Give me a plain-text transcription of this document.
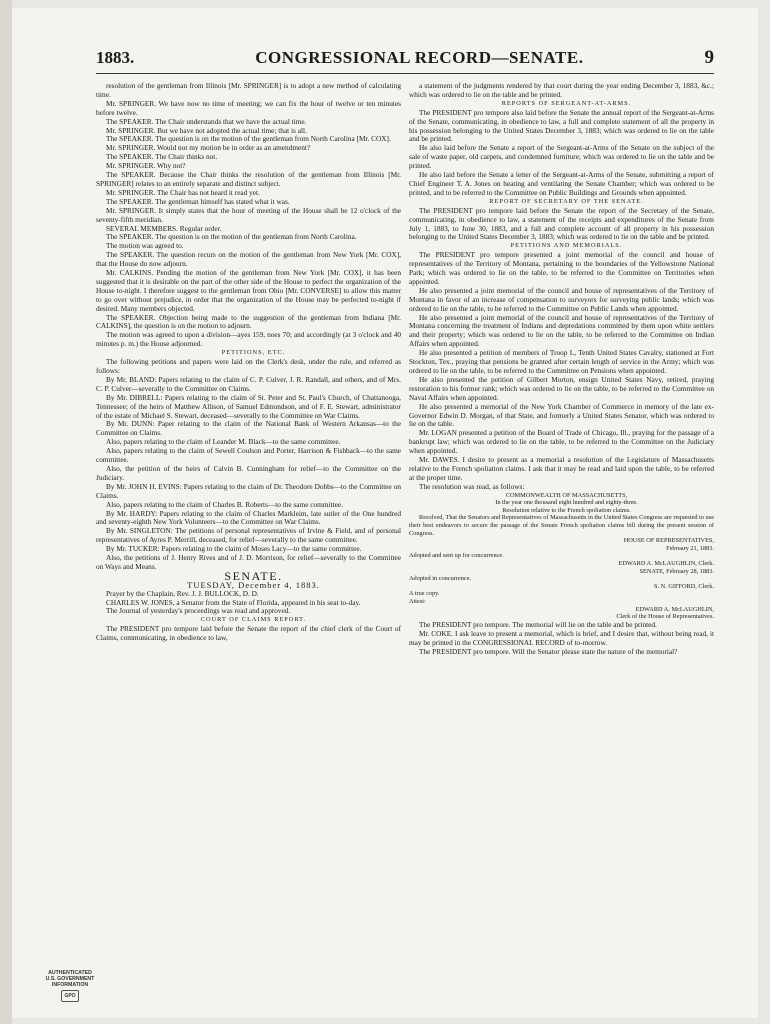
1883.	CONGRESSIONAL RECORD—SENATE.	9

resolution of the gentleman from Illinois [Mr. SPRINGER] is to adopt a new method of calculating time.

Mr. SPRINGER. We have now no time of meeting; we can fix the hour of twelve or ten minutes before twelve.

The SPEAKER. The Chair understands that we have the actual time.

Mr. SPRINGER. But we have not adopted the actual time; that is all.

The SPEAKER. The question is on the motion of the gentleman from North Carolina [Mr. COX].

Mr. SPRINGER. Would not my motion be in order as an amendment?

The SPEAKER. The Chair thinks not.

Mr. SPRINGER. Why not?

The SPEAKER. Because the Chair thinks the resolution of the gentleman from Illinois [Mr. SPRINGER] relates to an entirely separate and distinct subject.

Mr. SPRINGER. The Chair has not heard it read yet.

The SPEAKER. The gentleman himself has stated what it was.

Mr. SPRINGER. It simply states that the hour of meeting of the House shall be 12 o'clock of the seventy-fifth meridian.

SEVERAL MEMBERS. Regular order.

The SPEAKER. The question is on the motion of the gentleman from North Carolina.

The motion was agreed to.

The SPEAKER. The question recurs on the motion of the gentleman from New York [Mr. COX], that the House do now adjourn.

Mr. CALKINS. Pending the motion of the gentleman from New York [Mr. COX], it has been suggested that it is desirable on the part of the other side of the House to perfect the organization of the House to-night. I therefore suggest to the gentleman from Ohio [Mr. CONVERSE] to allow this matter to go over without prejudice, in order that the organization of the House may be perfected to-night if desired. Many members objected.

The SPEAKER. Objection being made to the suggestion of the gentleman from Indiana [Mr. CALKINS], the question is on the motion to adjourn.

The motion was agreed to upon a division—ayes 159, noes 70; and accordingly (at 3 o'clock and 40 minutes p. m.) the House adjourned.

PETITIONS, ETC.

The following petitions and papers were laid on the Clerk's desk, under the rule, and referred as follows:

By Mr. BLAND: Papers relating to the claim of C. P. Culver, J. R. Randall, and others, and of Mrs. C. P. Culver—severally to the Committee on Claims.

By Mr. DIBRELL: Papers relating to the claim of St. Peter and St. Paul's Church, of Chattanooga, Tennessee; of the heirs of Matthew Allison, of Samuel Edmondson, and of F. E. Stewart, administrator of the estate of Michael S. Stewart, deceased—severally to the Committee on War Claims.

By Mr. DUNN: Paper relating to the claim of the National Bank of Western Arkansas—to the Committee on Claims.

Also, papers relating to the claim of Leander M. Black—to the same committee.

Also, papers relating to the claim of Sewell Coulson and Porter, Harrison & Fishback—to the same committee.

Also, the petition of the heirs of Calvin B. Cunningham for relief—to the Committee on the Judiciary.

By Mr. JOHN H. EVINS: Papers relating to the claim of Dr. Theodore Dobbs—to the Committee on Claims.

Also, papers relating to the claim of Charles B. Roberts—to the same committee.

By Mr. HARDY: Papers relating to the claim of Charles Markleim, late sutler of the One hundred and seventy-eighth New York Volunteers—to the Committee on War Claims.

By Mr. SINGLETON: The petitions of personal representatives of Irvine & Field, and of personal representatives of Ayres P. Merrill, deceased, for relief—severally to the same committee.

By Mr. TUCKER: Papers relating to the claim of Moses Lacy—to the same committee.

Also, the petitions of J. Henry Rives and of J. D. Morrison, for relief—severally to the Committee on Ways and Means.

SENATE.

TUESDAY, December 4, 1883.

Prayer by the Chaplain, Rev. J. J. BULLOCK, D. D.

CHARLES W. JONES, a Senator from the State of Florida, appeared in his seat to-day.

The Journal of yesterday's proceedings was read and approved.

COURT OF CLAIMS REPORT.

The PRESIDENT pro tempore laid before the Senate the report of the chief clerk of the Court of Claims, communicating, in obedience to law,

a statement of the judgments rendered by that court during the year ending December 3, 1883, &c.; which was ordered to lie on the table and be printed.

REPORTS OF SERGEANT-AT-ARMS.

The PRESIDENT pro tempore also laid before the Senate the annual report of the Sergeant-at-Arms of the Senate, communicating, in obedience to law, a full and complete statement of all the property in his possession belonging to the United States December 3, 1883; which was ordered to lie on the table and be printed.

He also laid before the Senate a report of the Sergeant-at-Arms of the Senate on the subject of the sale of waste paper, old carpets, and condemned furniture; which was ordered to lie on the table and be printed.

He also laid before the Senate a letter of the Sergeant-at-Arms of the Senate, submitting a report of Chief Engineer T. A. Jones on heating and ventilating the Senate Chamber; which was ordered to be printed, and to be referred to the Committee on Public Buildings and Grounds when appointed.

REPORT OF SECRETARY OF THE SENATE.

The PRESIDENT pro tempore laid before the Senate the report of the Secretary of the Senate, communicating, in obedience to law, a statement of the receipts and expenditures of the Senate from July 1, 1883, to June 30, 1883, and a full and complete account of all property in his possession belonging to the United States December 3, 1883; which was ordered to lie on the table and be printed.

PETITIONS AND MEMORIALS.

The PRESIDENT pro tempore presented a joint memorial of the council and house of representatives of the Territory of Montana, pertaining to the boundaries of the Yellowstone National Park; which was ordered to lie on the table, to be referred to the Committee on Territories when appointed.

He also presented a joint memorial of the council and house of representatives of the Territory of Montana in favor of an increase of compensation to surveyors for surveying public lands; which was ordered to lie on the table, to be referred to the Committee on Public Lands when appointed.

He also presented a joint memorial of the council and house of representatives of the Territory of Montana concerning the treatment of Indians and depredations committed by them upon white settlers and their property; which was ordered to lie on the table, to be referred to the Committee on Indian Affairs when appointed.

He also presented a petition of members of Troop L, Tenth United States Cavalry, stationed at Fort Stockton, Tex., praying that pensions be granted after certain length of service in the Army; which was ordered to lie on the table, to be referred to the Committee on Pensions when appointed.

He also presented the petition of Gilbert Morton, ensign United States Navy, retired, praying restoration to his former rank; which was ordered to lie on the table, to be referred to the Committee on Naval Affairs when appointed.

He also presented a memorial of the New York Chamber of Commerce in memory of the late ex-Governor Edwin D. Morgan, of that State, and formerly a United States Senator, which was ordered to lie on the table.

Mr. LOGAN presented a petition of the Board of Trade of Chicago, Ill., praying for the passage of a bankrupt law; which was ordered to lie on the table, to be referred to the Committee on the Judiciary when appointed.

Mr. DAWES. I desire to present as a memorial a resolution of the Legislature of Massachusetts relative to the French spoliation claims. I ask that it may be read and laid upon the table, to be referred at the proper time.

The resolution was read, as follows:

COMMONWEALTH OF MASSACHUSETTS,

In the year one thousand eight hundred and eighty-three.

Resolution relative to the French spoliation claims.

Resolved, That the Senators and Representatives of Massachusetts in the United States Congress are requested to use their best endeavors to secure the passage of the Senate French spoliation claims bill during the present session of Congress.

HOUSE OF REPRESENTATIVES,

February 21, 1883.

Adopted and sent up for concurrence.

EDWARD A. McLAUGHLIN, Clerk.

SENATE, February 28, 1883.

Adopted in concurrence.

S. N. GIFFORD, Clerk.

A true copy.

Attest:

EDWARD A. McLAUGHLIN,

Clerk of the House of Representatives.

The PRESIDENT pro tempore. The memorial will lie on the table and be printed.

Mr. COKE. I ask leave to present a memorial, which is brief, and I desire that, without being read, it may be printed in the CONGRESSIONAL RECORD of to-morrow.

The PRESIDENT pro tempore. Will the Senator please state the nature of the memorial?

AUTHENTICATED
U.S. GOVERNMENT
INFORMATION
GPO
